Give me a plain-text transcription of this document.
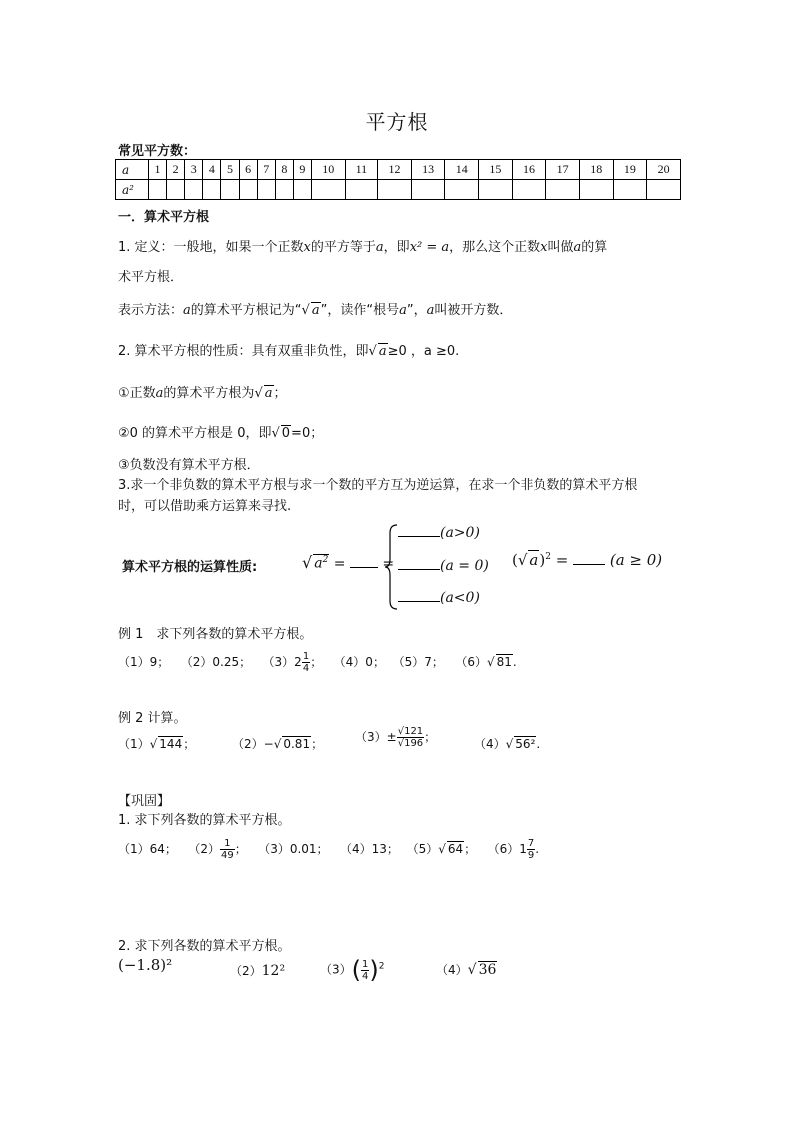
平方根
常见平方数：
a	1	2	3	4	5	6	7	8	9	10	11	12	13	14	15	16	17	18	19	20
a²																				
一．算术平方根
1. 定义：一般地，如果一个正数x的平方等于a，即x² = a，那么这个正数x叫做a的算
术平方根．
表示方法：a的算术平方根记为“√ a”，读作“根号a”，a叫被开方数．
2. 算术平方根的性质：具有双重非负性，即√ a≥0 ，a ≥0.
①正数a的算术平方根为√ a；
②0 的算术平方根是 0，即√ 0=0；
③负数没有算术平方根．
3.求一个非负数的算术平方根与求一个数的平方互为逆运算，在求一个非负数的算术平方根
时，可以借助乘方运算来寻找.
算术平方根的运算性质:	√ $a^2$ =  =
(a>0)
(a = 0)
(a<0)
(√ a)$^2$ =  (a ≥ 0)
例 1　求下列各数的算术平方根。
（1）9； （2）0.25； $(3)2 \frac{1}{4}$ ； （4）0； （5）7； （6）√ 81.
例 2 计算。
（1）√ 144；	（2）−√ 0.81；	$(3)\pm \frac{√121}{√196}$ ；	（4）√ 56².
【巩固】
1. 求下列各数的算术平方根。
（1）64； $(2) \frac{1}{49}$ ； （3）0.01； （4）13； （5）√ 64； $(6)1 \frac{7}{9}$ .
2. 求下列各数的算术平方根。
(−1.8)²	（2）12²	$(3)( \frac{1}{4} )^2$	（4）√ 36
